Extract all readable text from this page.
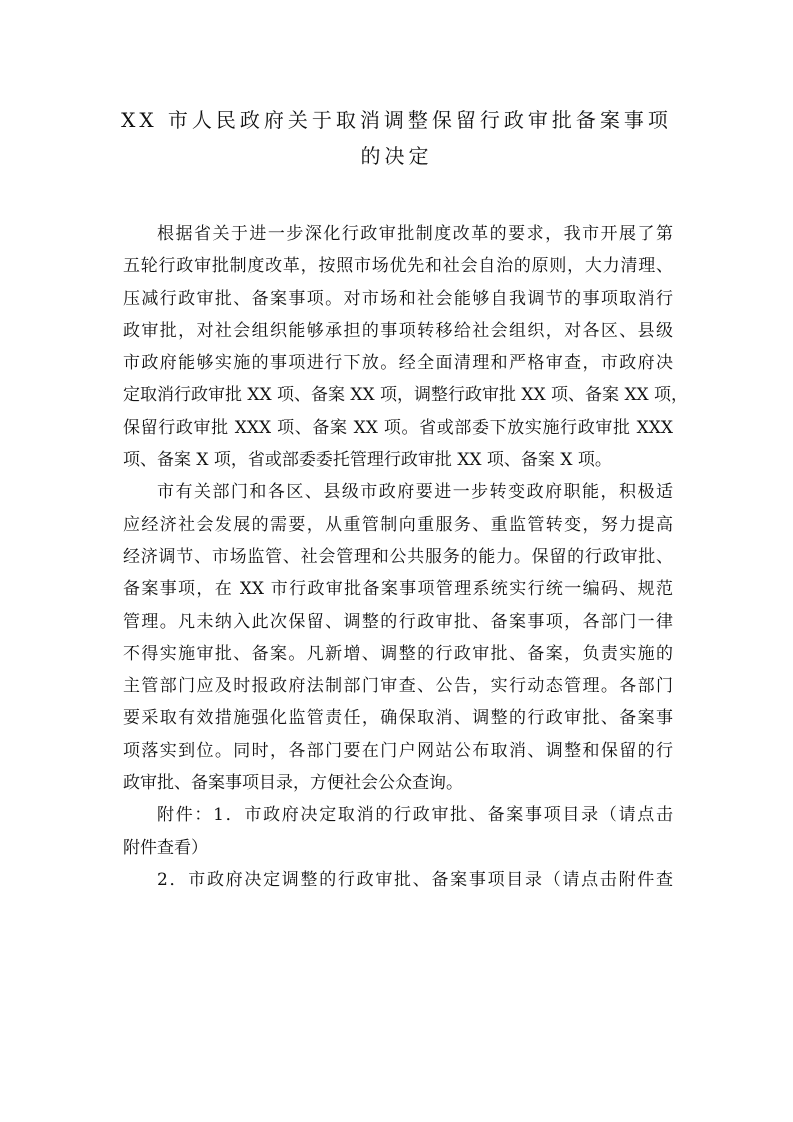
XX 市人民政府关于取消调整保留行政审批备案事项
的决定
根据省关于进一步深化行政审批制度改革的要求，我市开展了第
五轮行政审批制度改革，按照市场优先和社会自治的原则，大力清理、
压减行政审批、备案事项。对市场和社会能够自我调节的事项取消行
政审批，对社会组织能够承担的事项转移给社会组织，对各区、县级
市政府能够实施的事项进行下放。经全面清理和严格审查，市政府决
定取消行政审批 XX 项、备案 XX 项，调整行政审批 XX 项、备案 XX 项，
保留行政审批 XXX 项、备案 XX 项。省或部委下放实施行政审批 XXX
项、备案 X 项，省或部委委托管理行政审批 XX 项、备案 X 项。
市有关部门和各区、县级市政府要进一步转变政府职能，积极适
应经济社会发展的需要，从重管制向重服务、重监管转变，努力提高
经济调节、市场监管、社会管理和公共服务的能力。保留的行政审批、
备案事项，在 XX 市行政审批备案事项管理系统实行统一编码、规范
管理。凡未纳入此次保留、调整的行政审批、备案事项，各部门一律
不得实施审批、备案。凡新增、调整的行政审批、备案，负责实施的
主管部门应及时报政府法制部门审查、公告，实行动态管理。各部门
要采取有效措施强化监管责任，确保取消、调整的行政审批、备案事
项落实到位。同时，各部门要在门户网站公布取消、调整和保留的行
政审批、备案事项目录，方便社会公众查询。
附件：1．市政府决定取消的行政审批、备案事项目录（请点击
附件查看）
2．市政府决定调整的行政审批、备案事项目录（请点击附件查
